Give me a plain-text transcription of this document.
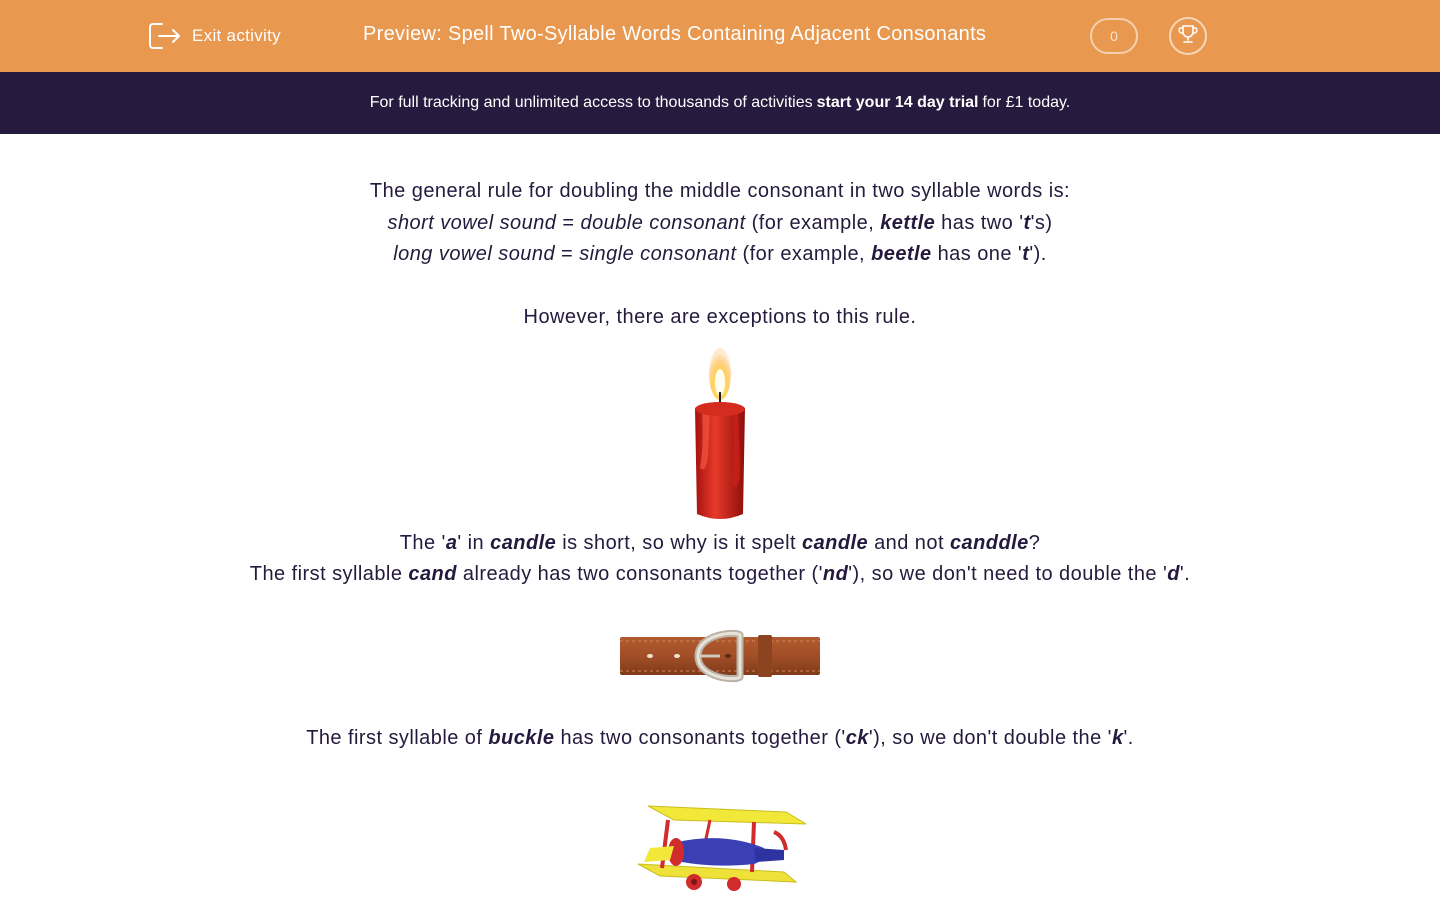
Exit activity	Preview: Spell Two-Syllable Words Containing Adjacent Consonants	0
For full tracking and unlimited access to thousands of activities start your 14 day trial for £1 today.

The general rule for doubling the middle consonant in two syllable words is:

short vowel sound = double consonant (for example, kettle has two 't's)

long vowel sound = single consonant (for example, beetle has one 't').

However, there are exceptions to this rule.

The 'a' in candle is short, so why is it spelt candle and not canddle?

The first syllable cand already has two consonants together ('nd'), so we don't need to double the 'd'.

The first syllable of buckle has two consonants together ('ck'), so we don't double the 'k'.
